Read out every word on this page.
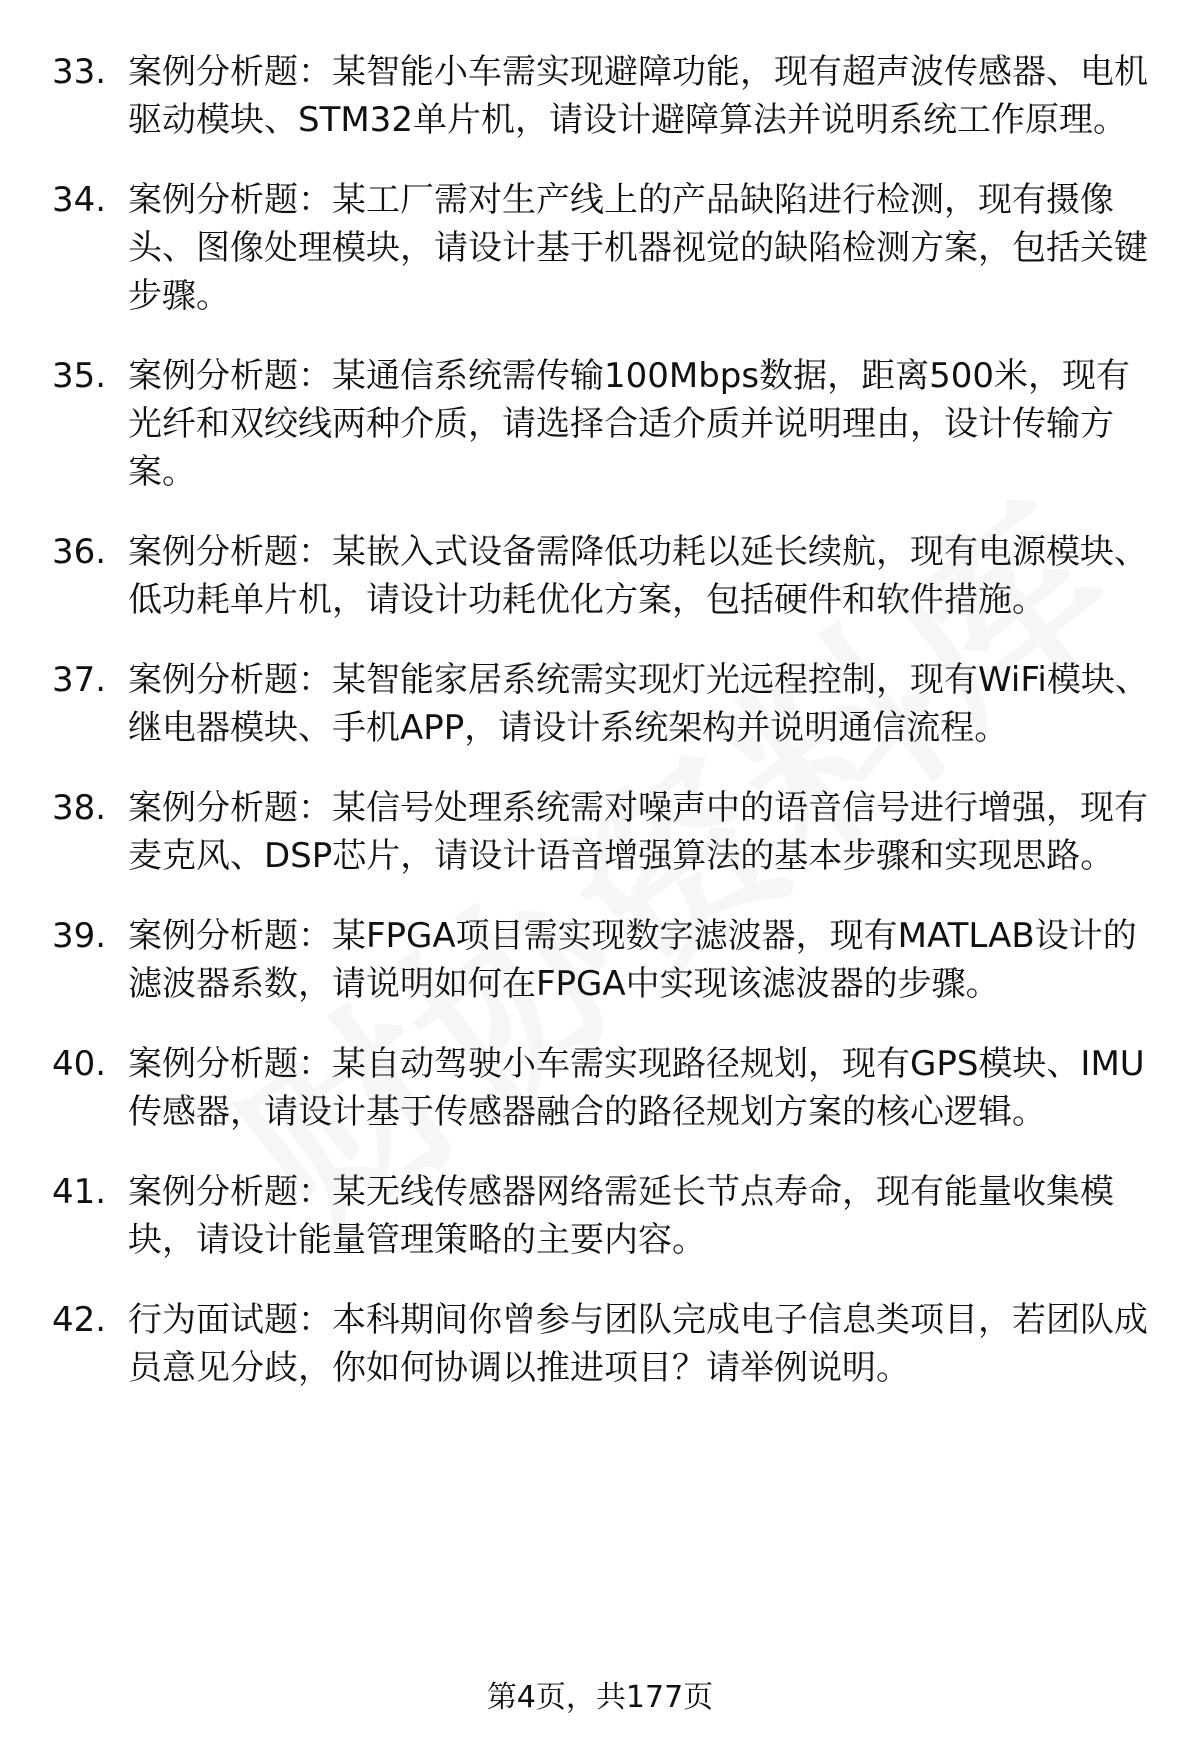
33. 案例分析题：某智能小车需实现避障功能，现有超声波传感器、电机驱动模块、STM32单片机，请设计避障算法并说明系统工作原理。
34. 案例分析题：某工厂需对生产线上的产品缺陷进行检测，现有摄像头、图像处理模块，请设计基于机器视觉的缺陷检测方案，包括关键步骤。
35. 案例分析题：某通信系统需传输100Mbps数据，距离500米，现有光纤和双绞线两种介质，请选择合适介质并说明理由，设计传输方案。
36. 案例分析题：某嵌入式设备需降低功耗以延长续航，现有电源模块、低功耗单片机，请设计功耗优化方案，包括硬件和软件措施。
37. 案例分析题：某智能家居系统需实现灯光远程控制，现有WiFi模块、继电器模块、手机APP，请设计系统架构并说明通信流程。
38. 案例分析题：某信号处理系统需对噪声中的语音信号进行增强，现有麦克风、DSP芯片，请设计语音增强算法的基本步骤和实现思路。
39. 案例分析题：某FPGA项目需实现数字滤波器，现有MATLAB设计的滤波器系数，请说明如何在FPGA中实现该滤波器的步骤。
40. 案例分析题：某自动驾驶小车需实现路径规划，现有GPS模块、IMU传感器，请设计基于传感器融合的路径规划方案的核心逻辑。
41. 案例分析题：某无线传感器网络需延长节点寿命，现有能量收集模块，请设计能量管理策略的主要内容。
42. 行为面试题：本科期间你曾参与团队完成电子信息类项目，若团队成员意见分歧，你如何协调以推进项目？请举例说明。
第4页，共177页
